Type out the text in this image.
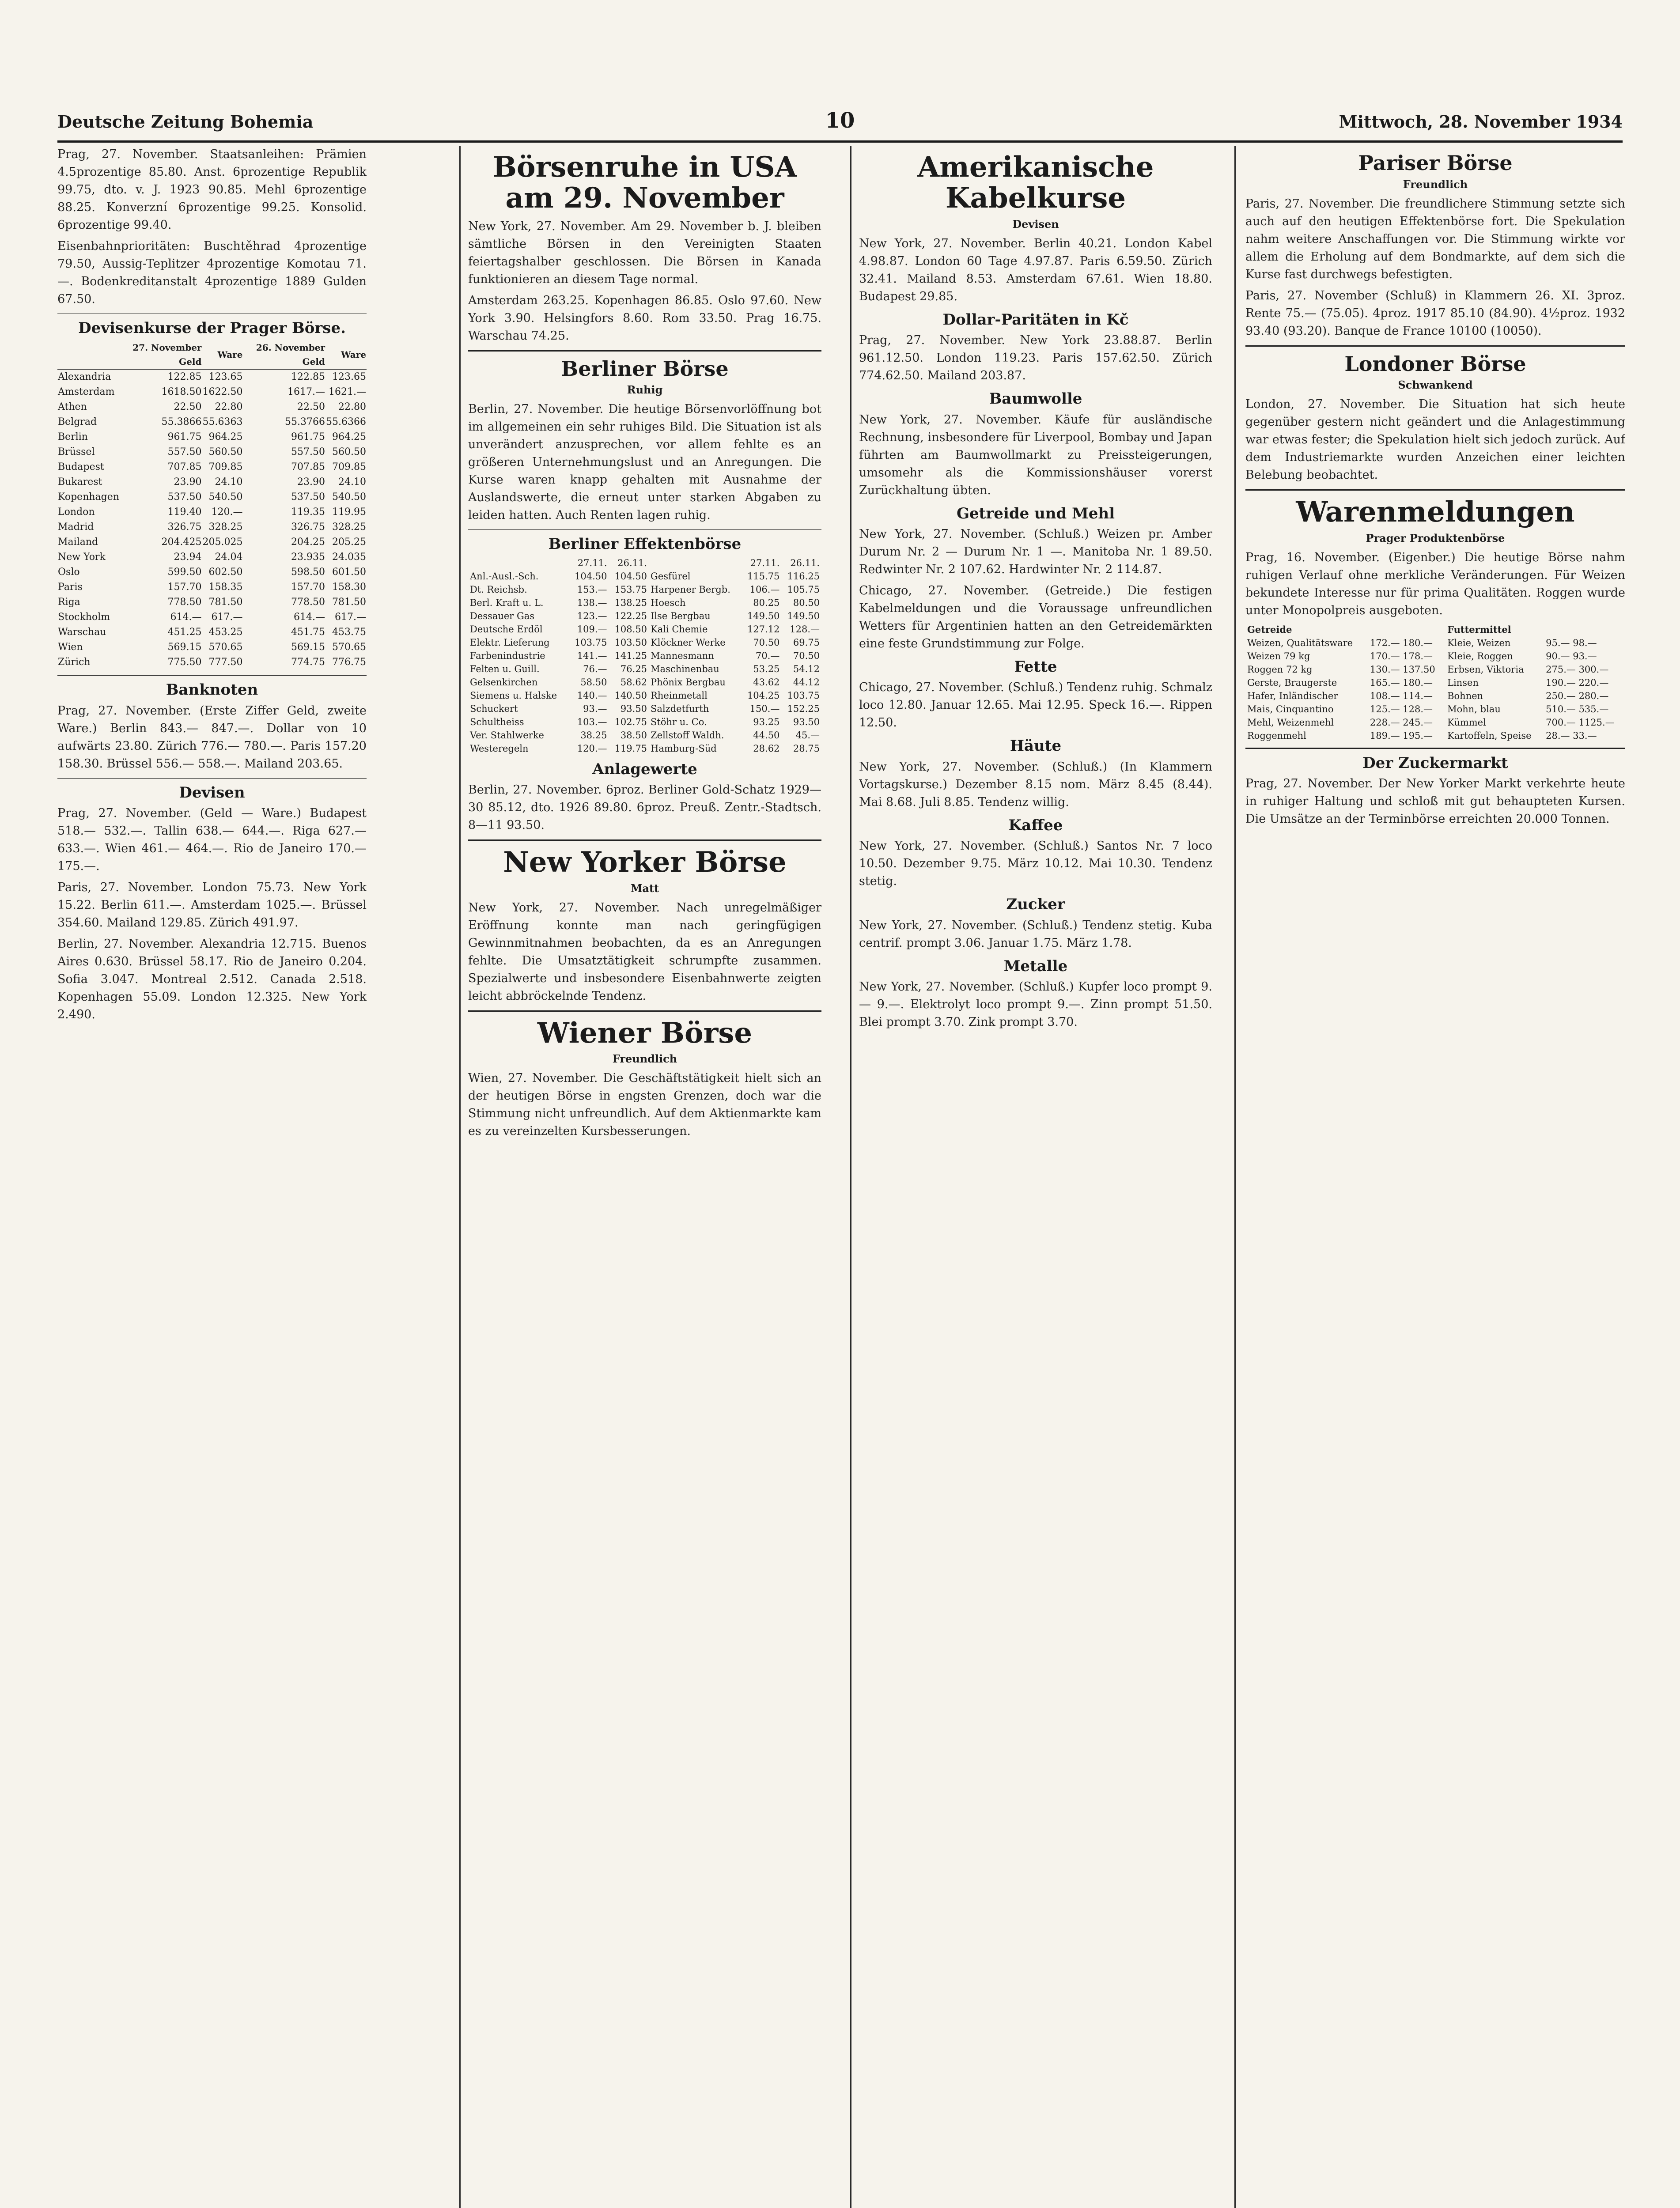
Deutsche Zeitung Bohemia	10	Mittwoch, 28. November 1934

Prag, 27. November. Staatsanleihen: Prämien 4.5prozentige 85.80. Anst. 6prozentige Republik 99.75, dto. v. J. 1923 90.85. Mehl 6prozentige 88.25. Konverzní 6prozentige 99.25. Konsolid. 6prozentige 99.40.

Eisenbahnprioritäten: Buschtěhrad 4prozentige 79.50, Aussig-Teplitzer 4prozentige Komotau 71.—. Bodenkreditanstalt 4prozentige 1889 Gulden 67.50.

Devisenkurse der Prager Börse.
	27. November Geld	Ware	26. November Geld	Ware
Alexandria	122.85	123.65	122.85	123.65
Amsterdam	1618.50	1622.50	1617.—	1621.—
Athen	22.50	22.80	22.50	22.80
Belgrad	55.3866	55.6363	55.3766	55.6366
Berlin	961.75	964.25	961.75	964.25
Brüssel	557.50	560.50	557.50	560.50
Budapest	707.85	709.85	707.85	709.85
Bukarest	23.90	24.10	23.90	24.10
Kopenhagen	537.50	540.50	537.50	540.50
London	119.40	120.—	119.35	119.95
Madrid	326.75	328.25	326.75	328.25
Mailand	204.425	205.025	204.25	205.25
New York	23.94	24.04	23.935	24.035
Oslo	599.50	602.50	598.50	601.50
Paris	157.70	158.35	157.70	158.30
Riga	778.50	781.50	778.50	781.50
Stockholm	614.—	617.—	614.—	617.—
Warschau	451.25	453.25	451.75	453.75
Wien	569.15	570.65	569.15	570.65
Zürich	775.50	777.50	774.75	776.75
Banknoten

Prag, 27. November. (Erste Ziffer Geld, zweite Ware.) Berlin 843.— 847.—. Dollar von 10 aufwärts 23.80. Zürich 776.— 780.—. Paris 157.20 158.30. Brüssel 556.— 558.—. Mailand 203.65.

Devisen

Prag, 27. November. (Geld — Ware.) Budapest 518.— 532.—. Tallin 638.— 644.—. Riga 627.— 633.—. Wien 461.— 464.—. Rio de Janeiro 170.— 175.—.

Paris, 27. November. London 75.73. New York 15.22. Berlin 611.—. Amsterdam 1025.—. Brüssel 354.60. Mailand 129.85. Zürich 491.97.

Berlin, 27. November. Alexandria 12.715. Buenos Aires 0.630. Brüssel 58.17. Rio de Janeiro 0.204. Sofia 3.047. Montreal 2.512. Canada 2.518. Kopenhagen 55.09. London 12.325. New York 2.490.

Börsenruhe in USA am 29. November

New York, 27. November. Am 29. November b. J. bleiben sämtliche Börsen in den Vereinigten Staaten feiertagshalber geschlossen. Die Börsen in Kanada funktionieren an diesem Tage normal.

Amsterdam 263.25. Kopenhagen 86.85. Oslo 97.60. New York 3.90. Helsingfors 8.60. Rom 33.50. Prag 16.75. Warschau 74.25.

Berliner Börse
Ruhig

Berlin, 27. November. Die heutige Börsenvorlöffnung bot im allgemeinen ein sehr ruhiges Bild. Die Situation ist als unverändert anzusprechen, vor allem fehlte es an größeren Unternehmungslust und an Anregungen. Die Kurse waren knapp gehalten mit Ausnahme der Auslandswerte, die erneut unter starken Abgaben zu leiden hatten. Auch Renten lagen ruhig.

Berliner Effektenbörse
	27.11.	26.11.		27.11.	26.11.
Anl.-Ausl.-Sch.	104.50	104.50	Gesfürel	115.75	116.25
Dt. Reichsb.	153.—	153.75	Harpener Bergb.	106.—	105.75
Berl. Kraft u. L.	138.—	138.25	Hoesch	80.25	80.50
Dessauer Gas	123.—	122.25	Ilse Bergbau	149.50	149.50
Deutsche Erdöl	109.—	108.50	Kali Chemie	127.12	128.—
Elektr. Lieferung	103.75	103.50	Klöckner Werke	70.50	69.75
Farbenindustrie	141.—	141.25	Mannesmann	70.—	70.50
Felten u. Guill.	76.—	76.25	Maschinenbau	53.25	54.12
Gelsenkirchen	58.50	58.62	Phönix Bergbau	43.62	44.12
Siemens u. Halske	140.—	140.50	Rheinmetall	104.25	103.75
Schuckert	93.—	93.50	Salzdetfurth	150.—	152.25
Schultheiss	103.—	102.75	Stöhr u. Co.	93.25	93.50
Ver. Stahlwerke	38.25	38.50	Zellstoff Waldh.	44.50	45.—
Westeregeln	120.—	119.75	Hamburg-Süd	28.62	28.75
Anlagewerte

Berlin, 27. November. 6proz. Berliner Gold-Schatz 1929—30 85.12, dto. 1926 89.80. 6proz. Preuß. Zentr.-Stadtsch. 8—11 93.50.

New Yorker Börse
Matt

New York, 27. November. Nach unregelmäßiger Eröffnung konnte man nach geringfügigen Gewinnmitnahmen beobachten, da es an Anregungen fehlte. Die Umsatztätigkeit schrumpfte zusammen. Spezialwerte und insbesondere Eisenbahnwerte zeigten leicht abbröckelnde Tendenz.

Wiener Börse
Freundlich

Wien, 27. November. Die Geschäftstätigkeit hielt sich an der heutigen Börse in engsten Grenzen, doch war die Stimmung nicht unfreundlich. Auf dem Aktienmarkte kam es zu vereinzelten Kursbesserungen.

Amerikanische Kabelkurse
Devisen

New York, 27. November. Berlin 40.21. London Kabel 4.98.87. London 60 Tage 4.97.87. Paris 6.59.50. Zürich 32.41. Mailand 8.53. Amsterdam 67.61. Wien 18.80. Budapest 29.85.

Dollar-Paritäten in Kč

Prag, 27. November. New York 23.88.87. Berlin 961.12.50. London 119.23. Paris 157.62.50. Zürich 774.62.50. Mailand 203.87.

Baumwolle

New York, 27. November. Käufe für ausländische Rechnung, insbesondere für Liverpool, Bombay und Japan führten am Baumwollmarkt zu Preissteigerungen, umsomehr als die Kommissionshäuser vorerst Zurückhaltung übten.

Getreide und Mehl

New York, 27. November. (Schluß.) Weizen pr. Amber Durum Nr. 2 — Durum Nr. 1 —. Manitoba Nr. 1 89.50. Redwinter Nr. 2 107.62. Hardwinter Nr. 2 114.87.

Chicago, 27. November. (Getreide.) Die festigen Kabelmeldungen und die Voraussage unfreundlichen Wetters für Argentinien hatten an den Getreidemärkten eine feste Grundstimmung zur Folge.

Fette

Chicago, 27. November. (Schluß.) Tendenz ruhig. Schmalz loco 12.80. Januar 12.65. Mai 12.95. Speck 16.—. Rippen 12.50.

Häute

New York, 27. November. (Schluß.) (In Klammern Vortagskurse.) Dezember 8.15 nom. März 8.45 (8.44). Mai 8.68. Juli 8.85. Tendenz willig.

Kaffee

New York, 27. November. (Schluß.) Santos Nr. 7 loco 10.50. Dezember 9.75. März 10.12. Mai 10.30. Tendenz stetig.

Zucker

New York, 27. November. (Schluß.) Tendenz stetig. Kuba centrif. prompt 3.06. Januar 1.75. März 1.78.

Metalle

New York, 27. November. (Schluß.) Kupfer loco prompt 9.— 9.—. Elektrolyt loco prompt 9.—. Zinn prompt 51.50. Blei prompt 3.70. Zink prompt 3.70.

Pariser Börse
Freundlich

Paris, 27. November. Die freundlichere Stimmung setzte sich auch auf den heutigen Effektenbörse fort. Die Spekulation nahm weitere Anschaffungen vor. Die Stimmung wirkte vor allem die Erholung auf dem Bondmarkte, auf dem sich die Kurse fast durchwegs befestigten.

Paris, 27. November (Schluß) in Klammern 26. XI. 3proz. Rente 75.— (75.05). 4proz. 1917 85.10 (84.90). 4½proz. 1932 93.40 (93.20). Banque de France 10100 (10050).

Londoner Börse
Schwankend

London, 27. November. Die Situation hat sich heute gegenüber gestern nicht geändert und die Anlagestimmung war etwas fester; die Spekulation hielt sich jedoch zurück. Auf dem Industriemarkte wurden Anzeichen einer leichten Belebung beobachtet.

Warenmeldungen
Prager Produktenbörse

Prag, 16. November. (Eigenber.) Die heutige Börse nahm ruhigen Verlauf ohne merkliche Veränderungen. Für Weizen bekundete Interesse nur für prima Qualitäten. Roggen wurde unter Monopolpreis ausgeboten.

Getreide		Futtermittel	
Weizen, Qualitätsware	172.— 180.—	Kleie, Weizen	95.— 98.—
Weizen 79 kg	170.— 178.—	Kleie, Roggen	90.— 93.—
Roggen 72 kg	130.— 137.50	Erbsen, Viktoria	275.— 300.—
Gerste, Braugerste	165.— 180.—	Linsen	190.— 220.—
Hafer, Inländischer	108.— 114.—	Bohnen	250.— 280.—
Mais, Cinquantino	125.— 128.—	Mohn, blau	510.— 535.—
Mehl, Weizenmehl	228.— 245.—	Kümmel	700.— 1125.—
Roggenmehl	189.— 195.—	Kartoffeln, Speise	28.— 33.—
Der Zuckermarkt

Prag, 27. November. Der New Yorker Markt verkehrte heute in ruhiger Haltung und schloß mit gut behaupteten Kursen. Die Umsätze an der Terminbörse erreichten 20.000 Tonnen.
